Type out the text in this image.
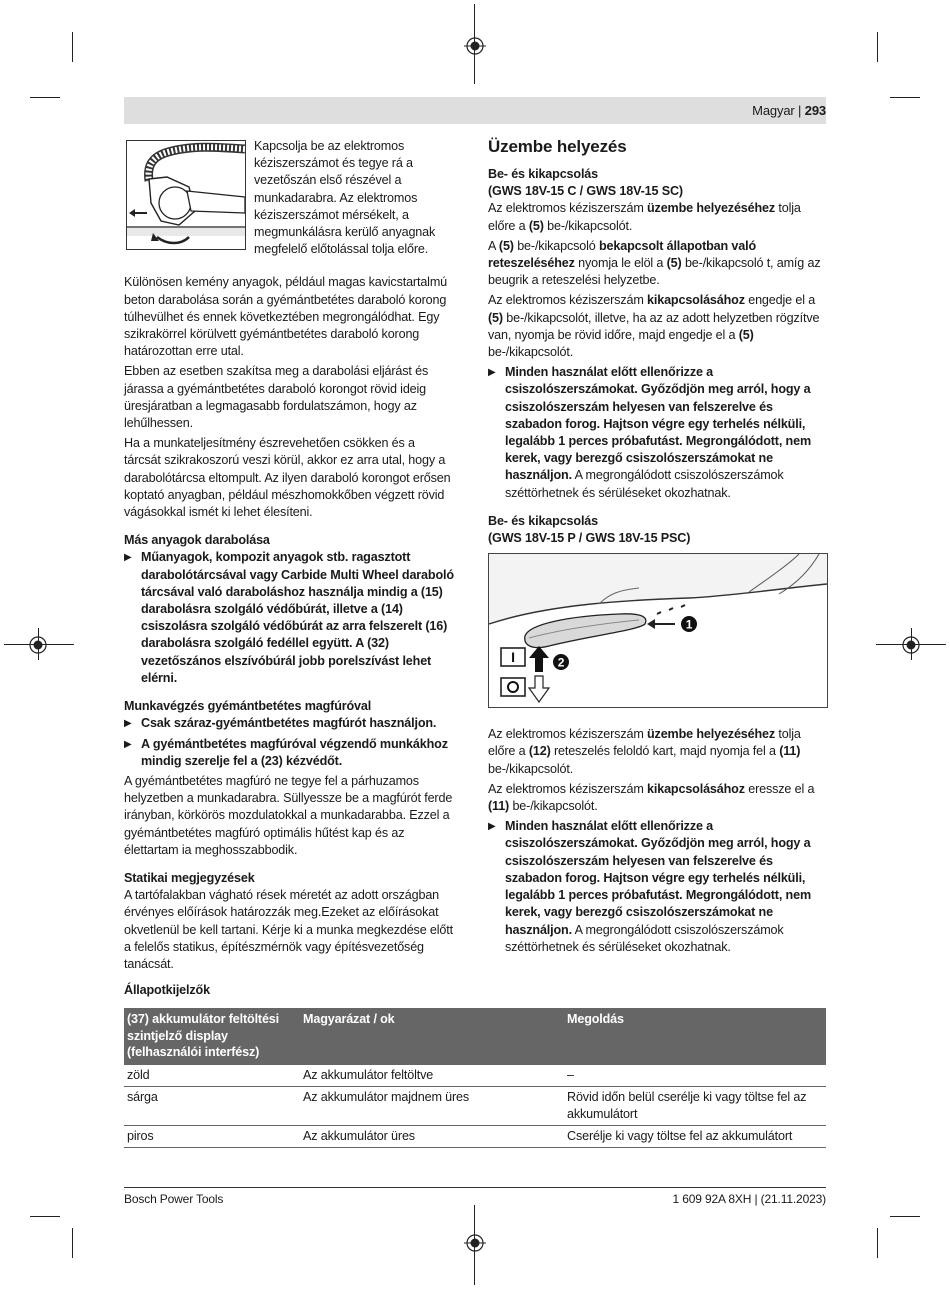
Magyar | 293

Kapcsolja be az elektromos kéziszerszámot és tegye rá a vezetőszán első részével a munkadarabra. Az elektromos kéziszerszámot mérsékelt, a megmunkálásra kerülő anyagnak megfelelő előtolással tolja előre.

Különösen kemény anyagok, például magas kavicstartalmú beton darabolása során a gyémántbetétes daraboló korong túlhevülhet és ennek következtében megrongálódhat. Egy szikrakörrel körülvett gyémántbetétes daraboló korong határozottan erre utal.

Ebben az esetben szakítsa meg a darabolási eljárást és járassa a gyémántbetétes daraboló korongot rövid ideig üresjáratban a legmagasabb fordulatszámon, hogy az lehűlhessen.

Ha a munkateljesítmény észrevehetően csökken és a tárcsát szikrakoszorú veszi körül, akkor ez arra utal, hogy a darabolótárcsa eltompult. Az ilyen daraboló korongot erősen koptató anyagban, például mészhomokkőben végzett rövid vágásokkal ismét ki lehet élesíteni.

Más anyagok darabolása

▶ Műanyagok, kompozit anyagok stb. ragasztott darabolótárcsával vagy Carbide Multi Wheel daraboló tárcsával való daraboláshoz használja mindig a (15) darabolásra szolgáló védőbúrát, illetve a (14) csiszolásra szolgáló védőbúrát az arra felszerelt (16) darabolásra szolgáló fedéllel együtt. A (32) vezetőszános elszívóbúrál jobb porelszívást lehet elérni.

Munkavégzés gyémántbetétes magfúróval

▶ Csak száraz-gyémántbetétes magfúrót használjon.
▶ A gyémántbetétes magfúróval végzendő munkákhoz mindig szerelje fel a (23) kézvédőt.

A gyémántbetétes magfúró ne tegye fel a párhuzamos helyzetben a munkadarabra. Süllyessze be a magfúrót ferde irányban, körkörös mozdulatokkal a munkadarabba. Ezzel a gyémántbetétes magfúró optimális hűtést kap és az élettartam ia meghosszabbodik.

Statikai megjegyzések

A tartófalakban vágható rések méretét az adott országban érvényes előírások határozzák meg.Ezeket az előírásokat okvetlenül be kell tartani. Kérje ki a munka megkezdése előtt a felelős statikus, építészmérnök vagy építésvezetőség tanácsát.

Üzembe helyezés

Be- és kikapcsolás

(GWS 18V-15 C / GWS 18V-15 SC)

Az elektromos kéziszerszám üzembe helyezéséhez tolja előre a (5) be-/kikapcsolót.

A (5) be-/kikapcsoló bekapcsolt állapotban való reteszeléséhez nyomja le elöl a (5) be-/kikapcsoló t, amíg az beugrik a reteszelési helyzetbe.

Az elektromos kéziszerszám kikapcsolásához engedje el a (5) be-/kikapcsolót, illetve, ha az az adott helyzetben rögzítve van, nyomja be rövid időre, majd engedje el a (5) be-/kikapcsolót.

▶ Minden használat előtt ellenőrizze a csiszolószerszámokat. Győződjön meg arról, hogy a csiszolószerszám helyesen van felszerelve és szabadon forog. Hajtson végre egy terhelés nélküli, legalább 1 perces próbafutást. Megrongálódott, nem kerek, vagy berezgő csiszolószerszámokat ne használjon. A megrongálódott csiszolószerszámok széttörhetnek és sérüléseket okozhatnak.

Be- és kikapcsolás

(GWS 18V-15 P / GWS 18V-15 PSC)

1
I	2

Az elektromos kéziszerszám üzembe helyezéséhez tolja előre a (12) reteszelés feloldó kart, majd nyomja fel a (11) be-/kikapcsolót.

Az elektromos kéziszerszám kikapcsolásához eressze el a (11) be-/kikapcsolót.

▶ Minden használat előtt ellenőrizze a csiszolószerszámokat. Győződjön meg arról, hogy a csiszolószerszám helyesen van felszerelve és szabadon forog. Hajtson végre egy terhelés nélküli, legalább 1 perces próbafutást. Megrongálódott, nem kerek, vagy berezgő csiszolószerszámokat ne használjon. A megrongálódott csiszolószerszámok széttörhetnek és sérüléseket okozhatnak.

Állapotkijelzők

(37) akkumulátor feltöltési szintjelző display (felhasználói interfész)	Magyarázat / ok	Megoldás
zöld	Az akkumulátor feltöltve	–
sárga	Az akkumulátor majdnem üres	Rövid időn belül cserélje ki vagy töltse fel az akkumulátort
piros	Az akkumulátor üres	Cserélje ki vagy töltse fel az akkumulátort
Bosch Power Tools	1 609 92A 8XH | (21.11.2023)
